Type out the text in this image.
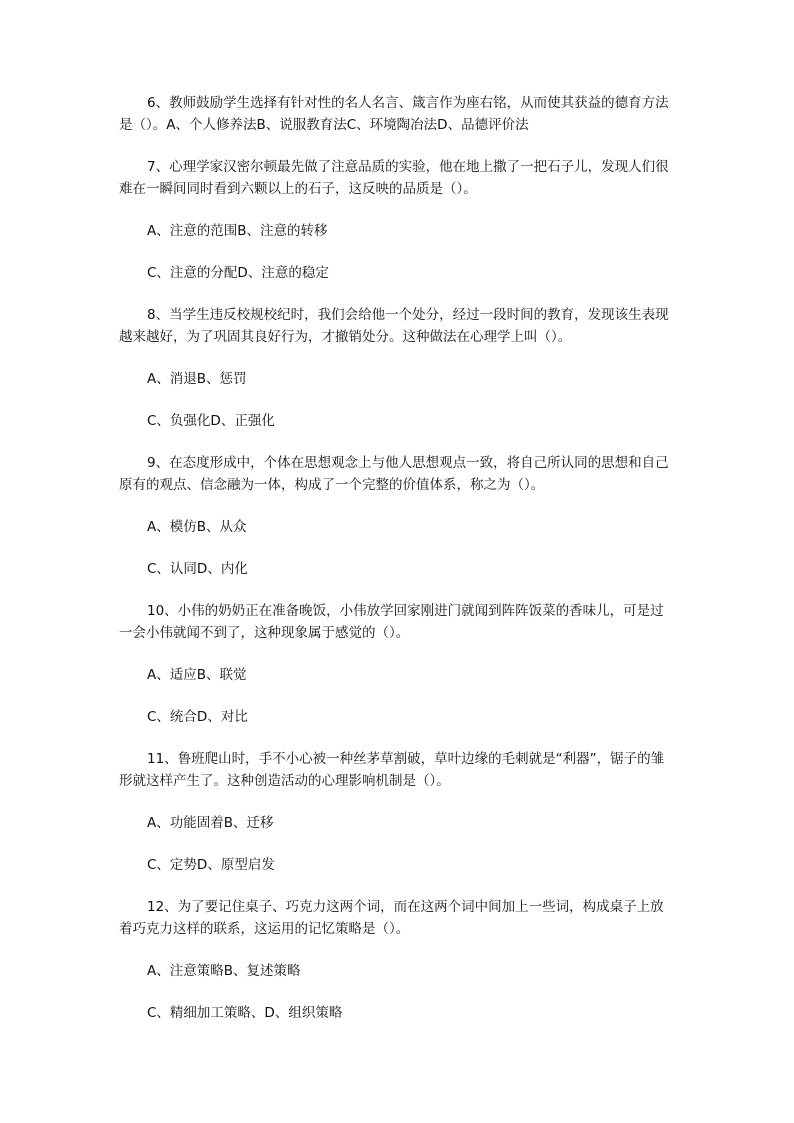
6、教师鼓励学生选择有针对性的名人名言、箴言作为座右铭，从而使其获益的德育方法是（）。A、个人修养法B、说服教育法C、环境陶冶法D、品德评价法

7、心理学家汉密尔顿最先做了注意品质的实验，他在地上撒了一把石子儿，发现人们很难在一瞬间同时看到六颗以上的石子，这反映的品质是（）。

A、注意的范围B、注意的转移

C、注意的分配D、注意的稳定

8、当学生违反校规校纪时，我们会给他一个处分，经过一段时间的教育，发现该生表现越来越好，为了巩固其良好行为，才撤销处分。这种做法在心理学上叫（）。

A、消退B、惩罚

C、负强化D、正强化

9、在态度形成中，个体在思想观念上与他人思想观点一致，将自己所认同的思想和自己原有的观点、信念融为一体，构成了一个完整的价值体系，称之为（）。

A、模仿B、从众

C、认同D、内化

10、小伟的奶奶正在准备晚饭，小伟放学回家刚进门就闻到阵阵饭菜的香味儿，可是过一会小伟就闻不到了，这种现象属于感觉的（）。

A、适应B、联觉

C、统合D、对比

11、鲁班爬山时，手不小心被一种丝茅草割破，草叶边缘的毛刺就是“利器”，锯子的雏形就这样产生了。这种创造活动的心理影响机制是（）。

A、功能固着B、迁移

C、定势D、原型启发

12、为了要记住桌子、巧克力这两个词，而在这两个词中间加上一些词，构成桌子上放着巧克力这样的联系，这运用的记忆策略是（）。

A、注意策略B、复述策略

C、精细加工策略、D、组织策略
